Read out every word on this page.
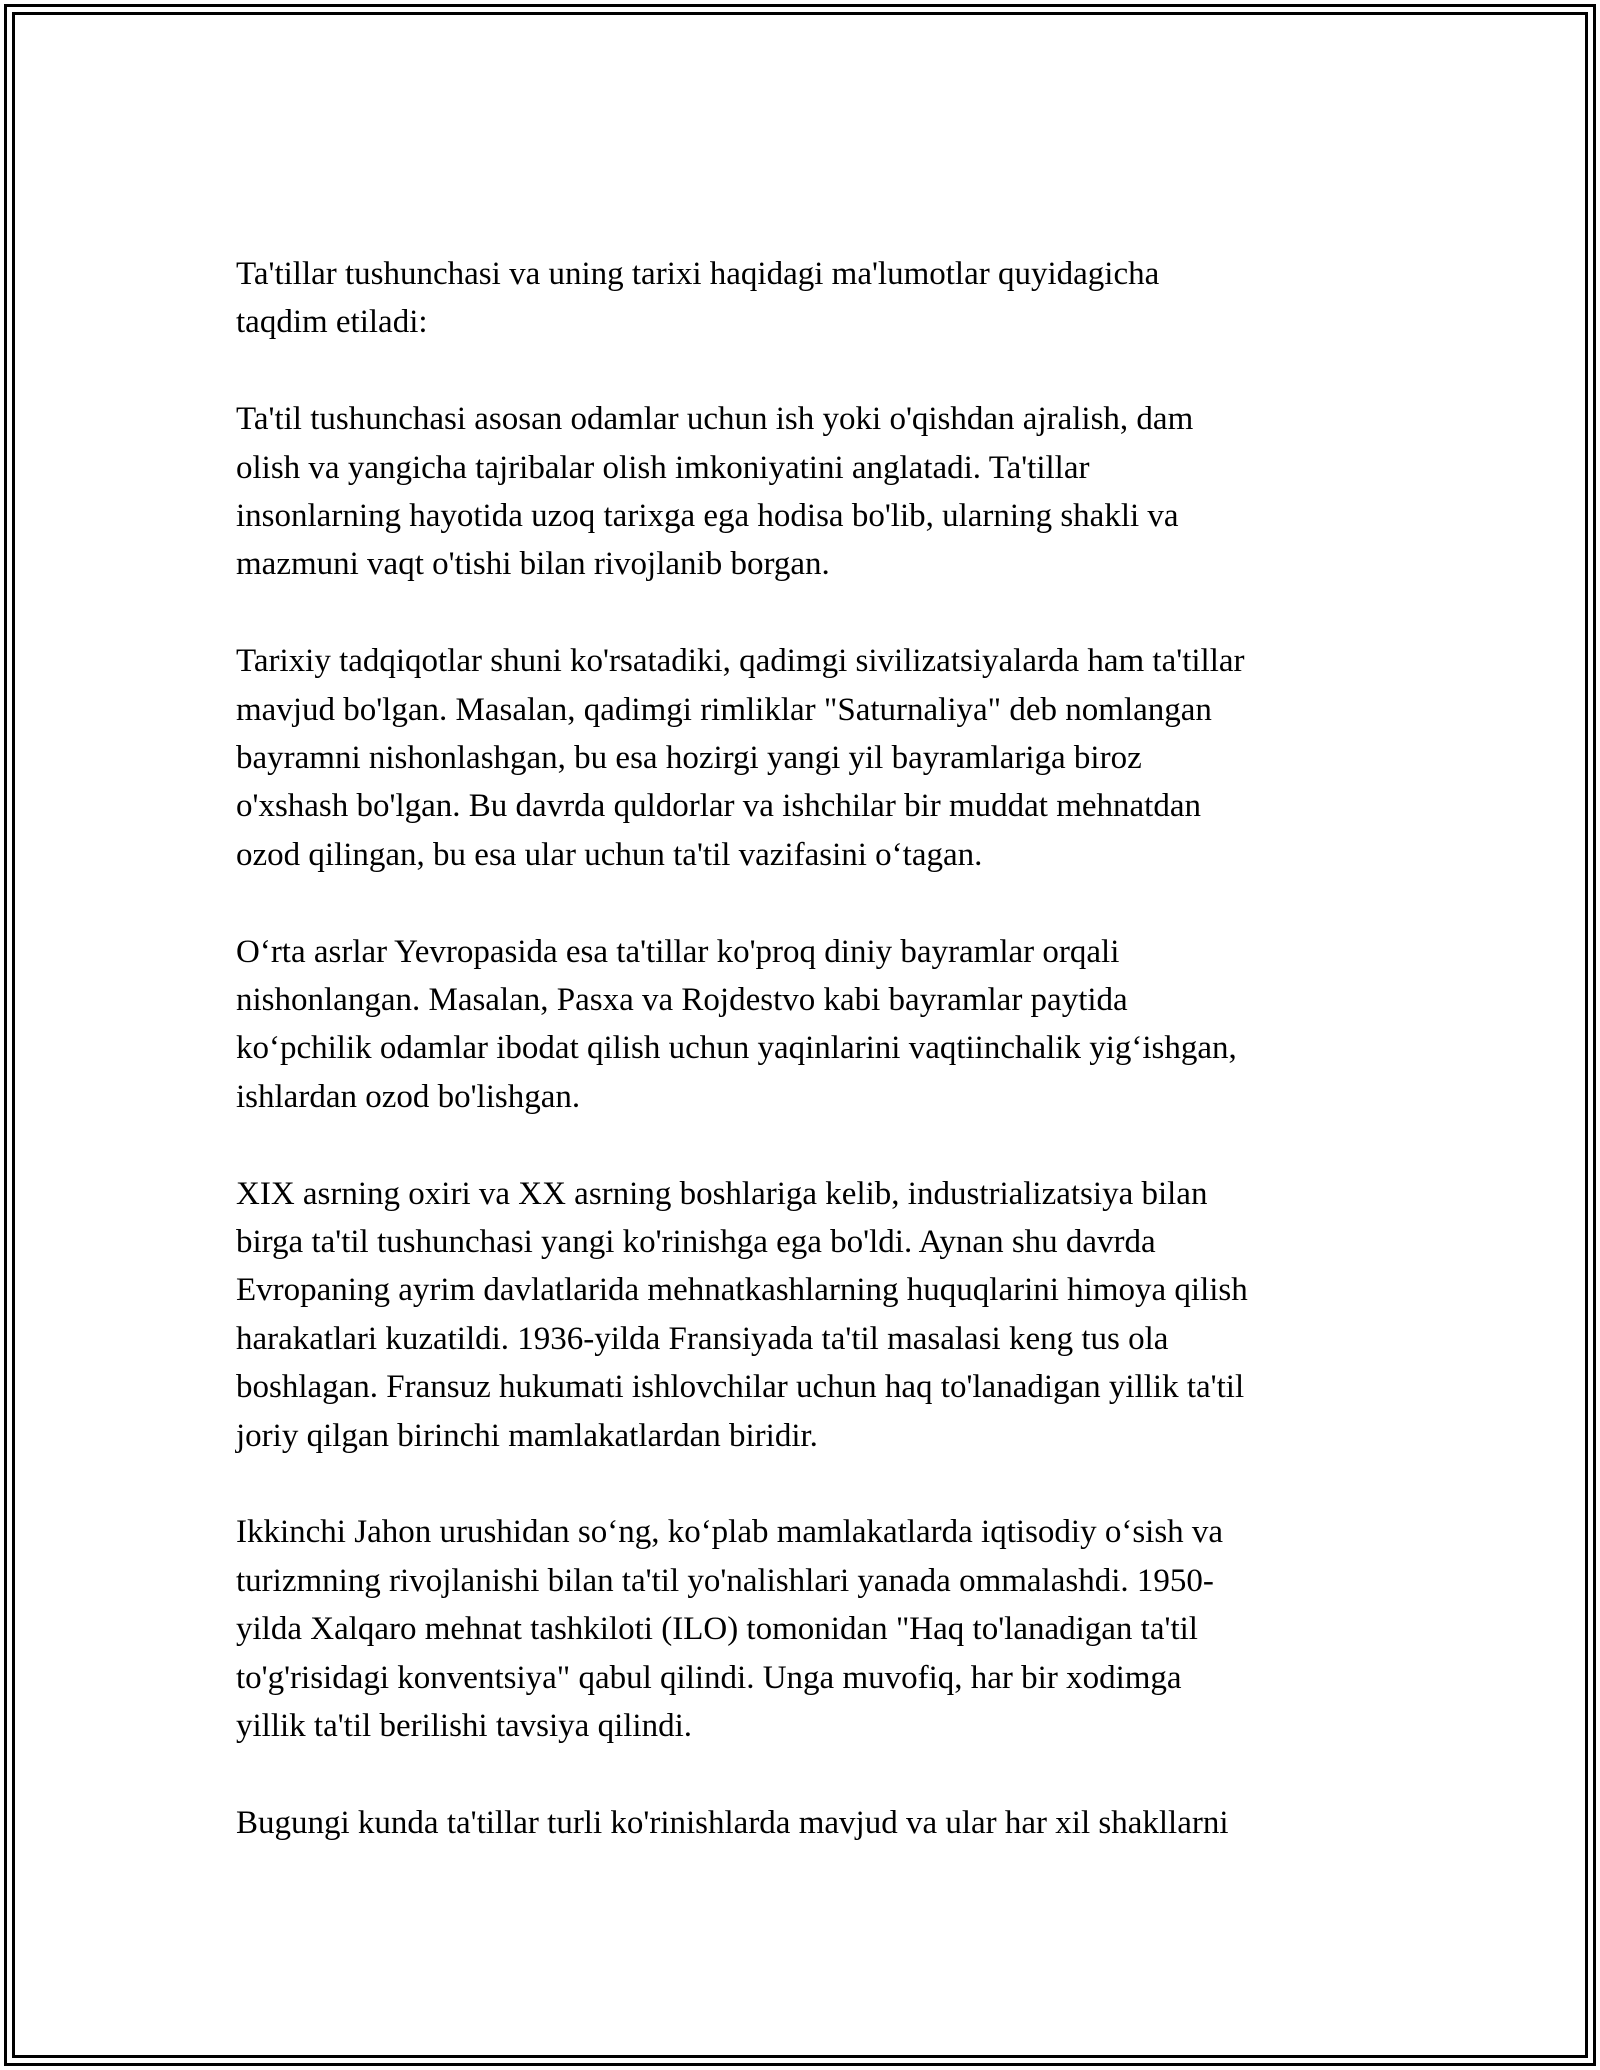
Ta'tillar tushunchasi va uning tarixi haqidagi ma'lumotlar quyidagicha
taqdim etiladi:

Ta'til tushunchasi asosan odamlar uchun ish yoki o'qishdan ajralish, dam
olish va yangicha tajribalar olish imkoniyatini anglatadi. Ta'tillar
insonlarning hayotida uzoq tarixga ega hodisa bo'lib, ularning shakli va
mazmuni vaqt o'tishi bilan rivojlanib borgan.

Tarixiy tadqiqotlar shuni ko'rsatadiki, qadimgi sivilizatsiyalarda ham ta'tillar
mavjud bo'lgan. Masalan, qadimgi rimliklar "Saturnaliya" deb nomlangan
bayramni nishonlashgan, bu esa hozirgi yangi yil bayramlariga biroz
o'xshash bo'lgan. Bu davrda quldorlar va ishchilar bir muddat mehnatdan
ozod qilingan, bu esa ular uchun ta'til vazifasini o‘tagan.

O‘rta asrlar Yevropasida esa ta'tillar ko'proq diniy bayramlar orqali
nishonlangan. Masalan, Pasxa va Rojdestvo kabi bayramlar paytida
ko‘pchilik odamlar ibodat qilish uchun yaqinlarini vaqtiinchalik yig‘ishgan,
ishlardan ozod bo'lishgan.

XIX asrning oxiri va XX asrning boshlariga kelib, industrializatsiya bilan
birga ta'til tushunchasi yangi ko'rinishga ega bo'ldi. Aynan shu davrda
Evropaning ayrim davlatlarida mehnatkashlarning huquqlarini himoya qilish
harakatlari kuzatildi. 1936-yilda Fransiyada ta'til masalasi keng tus ola
boshlagan. Fransuz hukumati ishlovchilar uchun haq to'lanadigan yillik ta'til
joriy qilgan birinchi mamlakatlardan biridir.

Ikkinchi Jahon urushidan so‘ng, ko‘plab mamlakatlarda iqtisodiy o‘sish va
turizmning rivojlanishi bilan ta'til yo'nalishlari yanada ommalashdi. 1950-
yilda Xalqaro mehnat tashkiloti (ILO) tomonidan "Haq to'lanadigan ta'til
to'g'risidagi konventsiya" qabul qilindi. Unga muvofiq, har bir xodimga
yillik ta'til berilishi tavsiya qilindi.

Bugungi kunda ta'tillar turli ko'rinishlarda mavjud va ular har xil shakllarni
